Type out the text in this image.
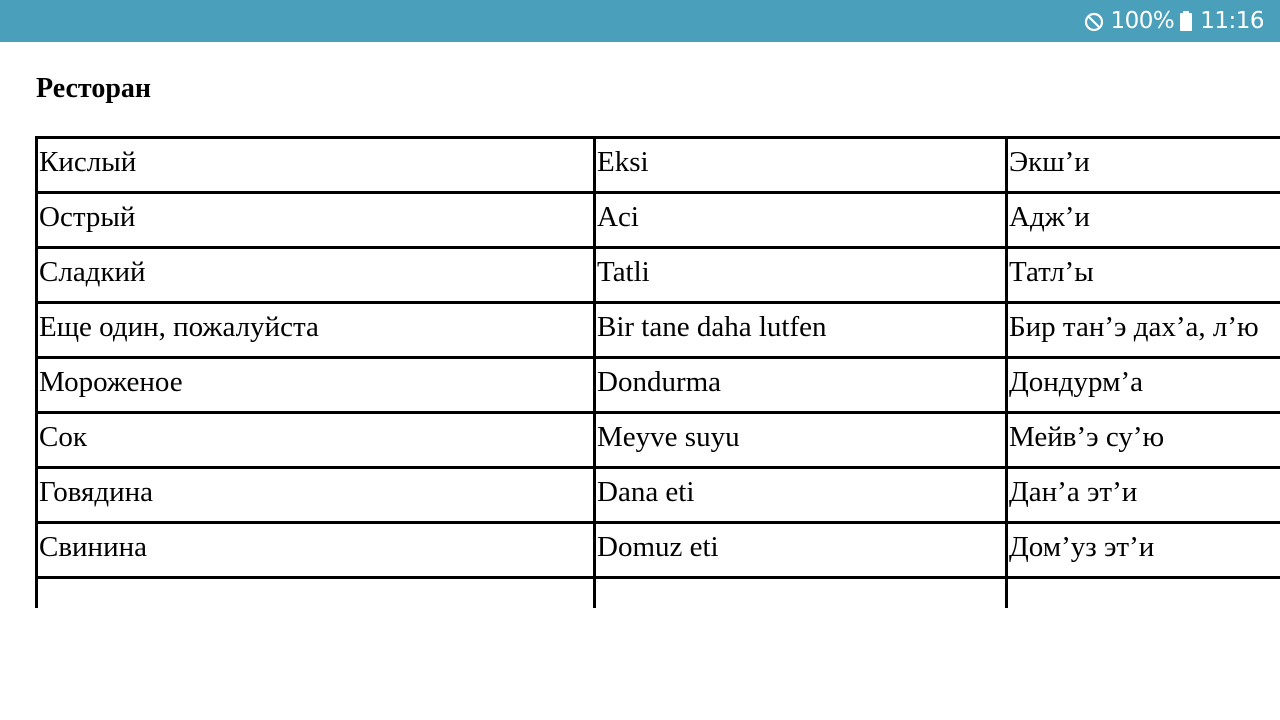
100% 11:16
Ресторан
Кислый	Eksi	Экш’и
Острый	Aci	Адж’и
Сладкий	Tatli	Татл’ы
Еще один, пожалуйста	Bir tane daha lutfen	Бир тан’э дах’а, л’ю
Мороженое	Dondurma	Дондурм’а
Сок	Meyve suyu	Мейв’э су’ю
Говядина	Dana eti	Дан’а эт’и
Свинина	Domuz eti	Дом’уз эт’и
